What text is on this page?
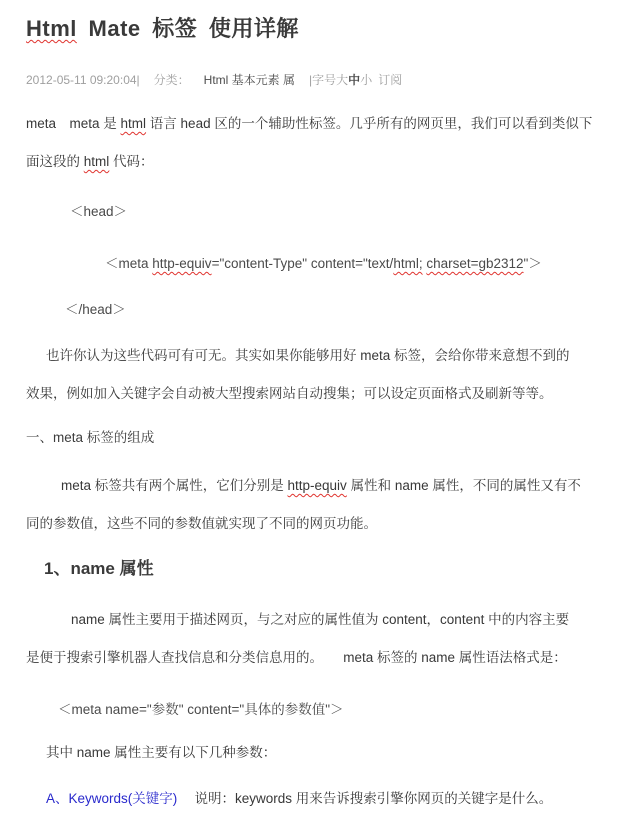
Html Mate 标签 使用详解
2012-05-11 09:20:04| 分类： Html 基本元素 属 |字号大中小 订阅
meta　meta 是 html 语言 head 区的一个辅助性标签。几乎所有的网页里，我们可以看到类似下
面这段的 html 代码：
＜head＞
＜meta http-equiv="content-Type" content="text/html; charset=gb2312"＞
＜/head＞
也许你认为这些代码可有可无。其实如果你能够用好 meta 标签，会给你带来意想不到的
效果，例如加入关键字会自动被大型搜索网站自动搜集；可以设定页面格式及刷新等等。
一、meta 标签的组成
meta 标签共有两个属性，它们分别是 http-equiv 属性和 name 属性，不同的属性又有不
同的参数值，这些不同的参数值就实现了不同的网页功能。
1、name 属性
name 属性主要用于描述网页，与之对应的属性值为 content，content 中的内容主要
是便于搜索引擎机器人查找信息和分类信息用的。　　meta 标签的 name 属性语法格式是：
＜meta name="参数" content="具体的参数值"＞
其中 name 属性主要有以下几种参数：
A、Keywords(关键字)　 说明：keywords 用来告诉搜索引擎你网页的关键字是什么。
